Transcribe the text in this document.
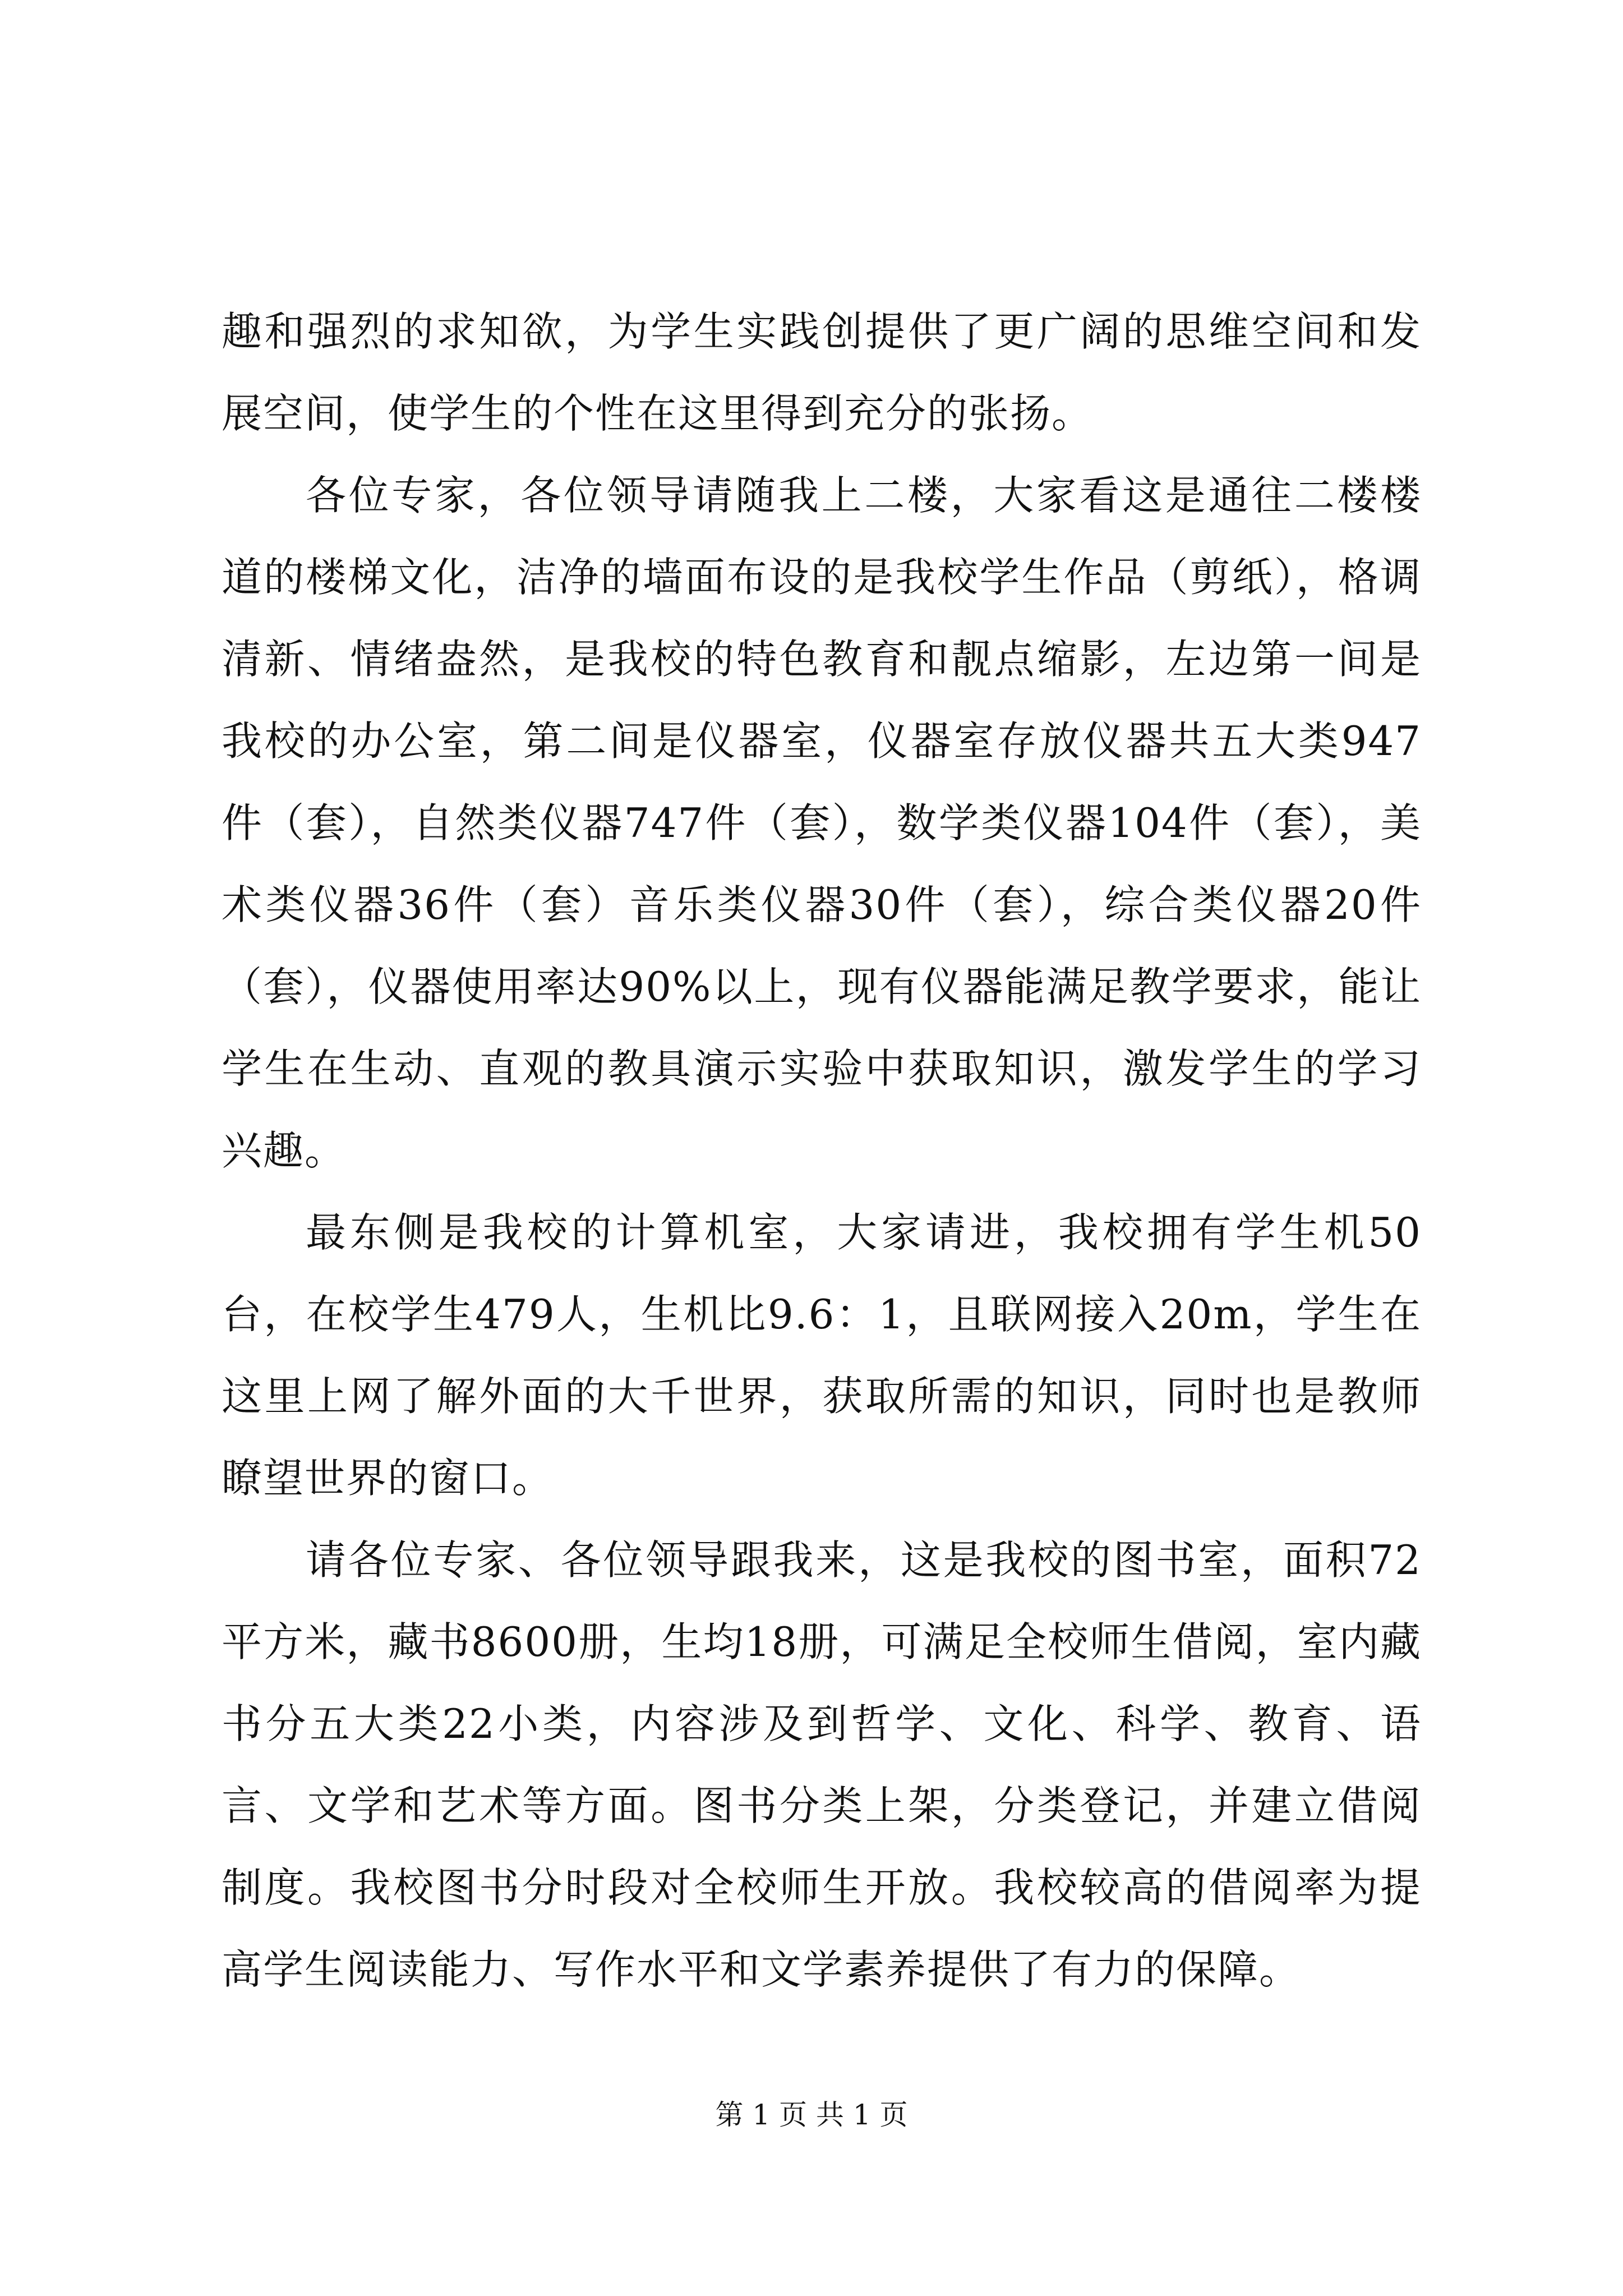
趣和强烈的求知欲，为学生实践创提供了更广阔的思维空间和发展空间，使学生的个性在这里得到充分的张扬。

各位专家，各位领导请随我上二楼，大家看这是通往二楼楼道的楼梯文化，洁净的墙面布设的是我校学生作品（剪纸），格调清新、情绪盎然，是我校的特色教育和靓点缩影，左边第一间是我校的办公室，第二间是仪器室，仪器室存放仪器共五大类947件（套），自然类仪器747件（套），数学类仪器104件（套），美术类仪器36件（套）音乐类仪器30件（套），综合类仪器20件（套），仪器使用率达90%以上，现有仪器能满足教学要求，能让学生在生动、直观的教具演示实验中获取知识，激发学生的学习兴趣。

最东侧是我校的计算机室，大家请进，我校拥有学生机50台，在校学生479人，生机比9.6：1，且联网接入20m，学生在这里上网了解外面的大千世界，获取所需的知识，同时也是教师瞭望世界的窗口。

请各位专家、各位领导跟我来，这是我校的图书室，面积72平方米，藏书8600册，生均18册，可满足全校师生借阅，室内藏书分五大类22小类，内容涉及到哲学、文化、科学、教育、语言、文学和艺术等方面。图书分类上架，分类登记，并建立借阅制度。我校图书分时段对全校师生开放。我校较高的借阅率为提高学生阅读能力、写作水平和文学素养提供了有力的保障。

第 1 页 共 1 页
